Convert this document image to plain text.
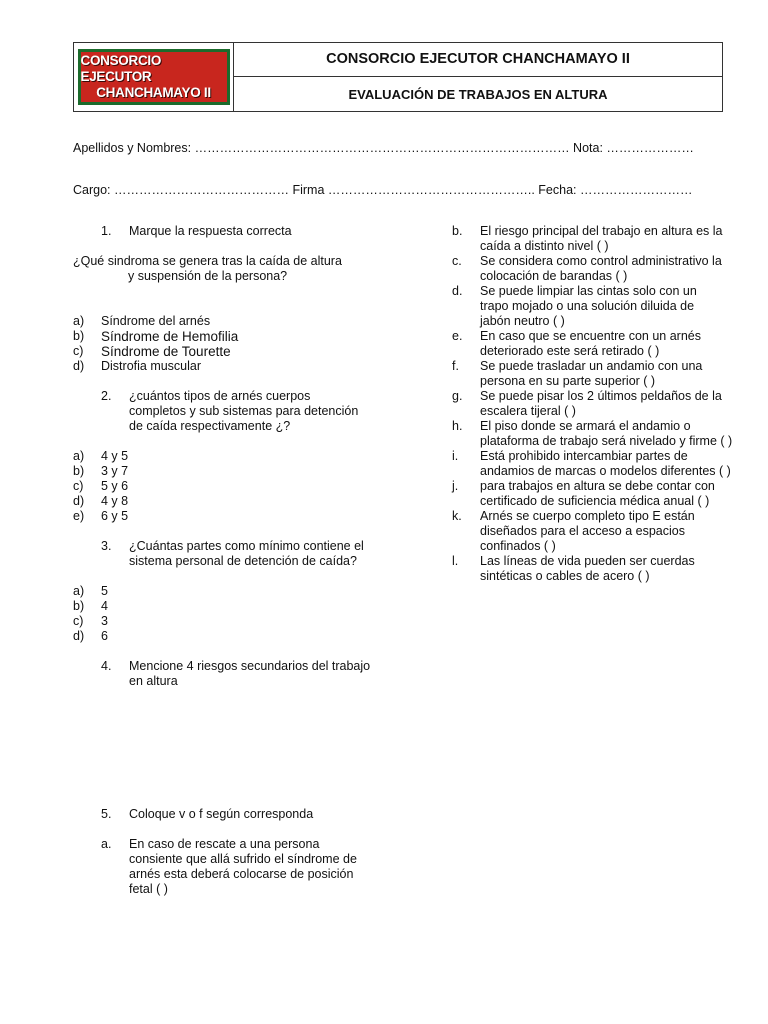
CONSORCIO EJECUTOR
CHANCHAMAYO II
CONSORCIO EJECUTOR CHANCHAMAYO II
EVALUACIÓN DE TRABAJOS EN ALTURA
Apellidos y Nombres: ……………………………………………………………………………… Nota: …………………
Cargo: …………………………………… Firma ………………………………………….. Fecha: ………………………
1.	Marque la respuesta correcta
¿Qué sindroma se genera tras la caída de altura
y suspensión de la persona?
a)	Síndrome del arnés
b)	Síndrome de Hemofilia
c)	Síndrome de Tourette
d)	Distrofia muscular
2.	¿cuántos tipos de arnés cuerpos completos y sub sistemas para detención de caída respectivamente ¿?
a)	4 y 5
b)	3 y 7
c)	5 y 6
d)	4 y 8
e)	6 y 5
3.	¿Cuántas partes como mínimo contiene el sistema personal de detención de caída?
a)	5
b)	4
c)	3
d)	6
4.	Mencione 4 riesgos secundarios del trabajo en altura
5.	Coloque v o f según corresponda
a.	En caso de rescate a una persona consiente que allá sufrido el síndrome de arnés esta deberá colocarse de posición fetal ( )
b.	El riesgo principal del trabajo en altura es la caída a distinto nivel ( )
c.	Se considera como control administrativo la colocación de barandas ( )
d.	Se puede limpiar las cintas solo con un trapo mojado o una solución diluida de jabón neutro ( )
e.	En caso que se encuentre con un arnés deteriorado este será retirado ( )
f.	Se puede trasladar un andamio con una persona en su parte superior ( )
g.	Se puede pisar los 2 últimos peldaños de la escalera tijeral ( )
h.	El piso donde se armará el andamio o plataforma de trabajo será nivelado y firme ( )
i.	Está prohibido intercambiar partes de andamios de marcas o modelos diferentes ( )
j.	para trabajos en altura se debe contar con certificado de suficiencia médica anual ( )
k.	Arnés se cuerpo completo tipo E están diseñados para el acceso a espacios confinados ( )
l.	Las líneas de vida pueden ser cuerdas sintéticas o cables de acero ( )
